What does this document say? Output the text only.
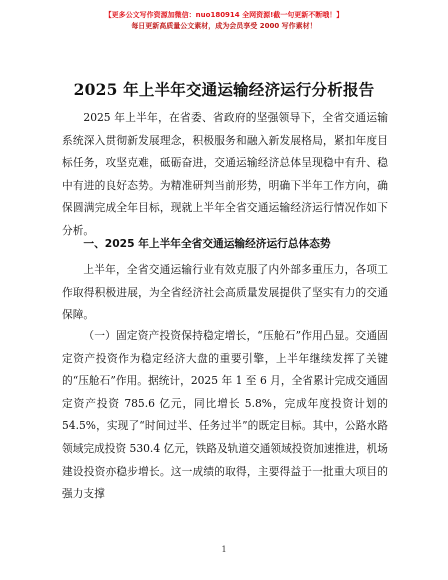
【更多公文写作资源加微信：nuo180914 全网资源!截一句更新不断哦！】
每日更新高质量公文素材，成为会员享受 2000 写作素材！
2025 年上半年交通运输经济运行分析报告

2025 年上半年，在省委、省政府的坚强领导下，全省交通运输系统深入贯彻新发展理念，积极服务和融入新发展格局，紧扣年度目标任务，攻坚克难，砥砺奋进，交通运输经济总体呈现稳中有升、稳中有进的良好态势。为精准研判当前形势，明确下半年工作方向，确保圆满完成全年目标，现就上半年全省交通运输经济运行情况作如下分析。

一、2025 年上半年全省交通运输经济运行总体态势

上半年，全省交通运输行业有效克服了内外部多重压力，各项工作取得积极进展，为全省经济社会高质量发展提供了坚实有力的交通保障。

（一）固定资产投资保持稳定增长，“压舱石”作用凸显。交通固定资产投资作为稳定经济大盘的重要引擎，上半年继续发挥了关键的“压舱石”作用。据统计，2025 年 1 至 6 月，全省累计完成交通固定资产投资 785.6 亿元，同比增长 5.8%，完成年度投资计划的 54.5%，实现了“时间过半、任务过半”的既定目标。其中，公路水路领域完成投资 530.4 亿元，铁路及轨道交通领域投资加速推进，机场建设投资亦稳步增长。这一成绩的取得，主要得益于一批重大项目的强力支撑

1
